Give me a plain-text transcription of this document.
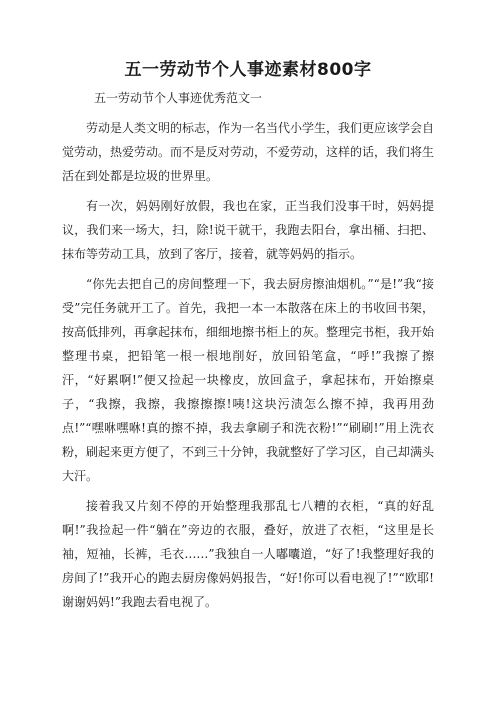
五一劳动节个人事迹素材800字
五一劳动节个人事迹优秀范文一

劳动是人类文明的标志，作为一名当代小学生，我们更应该学会自觉劳动，热爱劳动。而不是反对劳动，不爱劳动，这样的话，我们将生活在到处都是垃圾的世界里。

有一次，妈妈刚好放假，我也在家，正当我们没事干时，妈妈提议，我们来一场大，扫，除!说干就干，我跑去阳台，拿出桶、扫把、抹布等劳动工具，放到了客厅，接着，就等妈妈的指示。

“你先去把自己的房间整理一下，我去厨房擦油烟机。”“是!”我“接受”完任务就开工了。首先，我把一本一本散落在床上的书收回书架，按高低排列，再拿起抹布，细细地擦书柜上的灰。整理完书柜，我开始整理书桌，把铅笔一根一根地削好，放回铅笔盒，“呼!”我擦了擦汗，“好累啊!”便又捡起一块橡皮，放回盒子，拿起抹布，开始擦桌子，“我擦，我擦，我擦擦擦!咦!这块污渍怎么擦不掉，我再用劲点!”“嘿咻嘿咻!真的擦不掉，我去拿刷子和洗衣粉!”“刷刷!”用上洗衣粉，刷起来更方便了，不到三十分钟，我就整好了学习区，自己却满头大汗。

接着我又片刻不停的开始整理我那乱七八糟的衣柜，“真的好乱啊!”我捡起一件“躺在”旁边的衣服，叠好，放进了衣柜，“这里是长袖，短袖，长裤，毛衣……”我独自一人嘟囔道，“好了!我整理好我的房间了!”我开心的跑去厨房像妈妈报告，“好!你可以看电视了!”“欧耶!谢谢妈妈!”我跑去看电视了。
